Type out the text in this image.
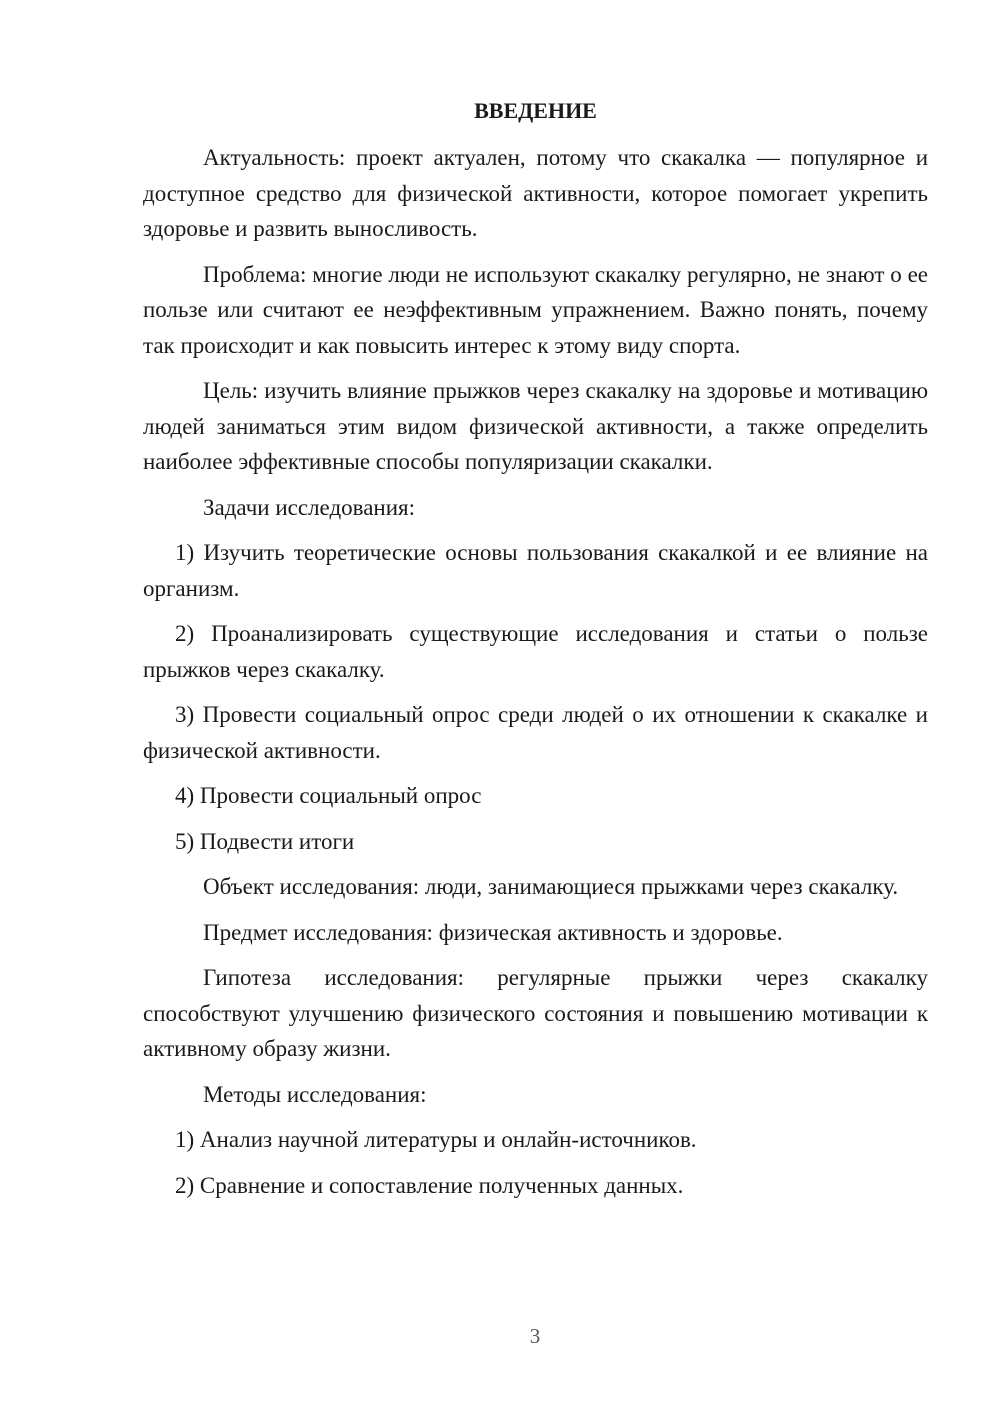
ВВЕДЕНИЕ

Актуальность: проект актуален, потому что скакалка — популярное и доступное средство для физической активности, которое помогает укрепить здоровье и развить выносливость.

Проблема: многие люди не используют скакалку регулярно, не знают о ее пользе или считают ее неэффективным упражнением. Важно понять, почему так происходит и как повысить интерес к этому виду спорта.

Цель: изучить влияние прыжков через скакалку на здоровье и мотивацию людей заниматься этим видом физической активности, а также определить наиболее эффективные способы популяризации скакалки.

Задачи исследования:

1) Изучить теоретические основы пользования скакалкой и ее влияние на организм.

2) Проанализировать существующие исследования и статьи о пользе прыжков через скакалку.

3) Провести социальный опрос среди людей о их отношении к скакалке и физической активности.

4) Провести социальный опрос

5) Подвести итоги

Объект исследования: люди, занимающиеся прыжками через скакалку.

Предмет исследования: физическая активность и здоровье.

Гипотеза исследования: регулярные прыжки через скакалку способствуют улучшению физического состояния и повышению мотивации к активному образу жизни.

Методы исследования:

1) Анализ научной литературы и онлайн-источников.

2) Сравнение и сопоставление полученных данных.

3
